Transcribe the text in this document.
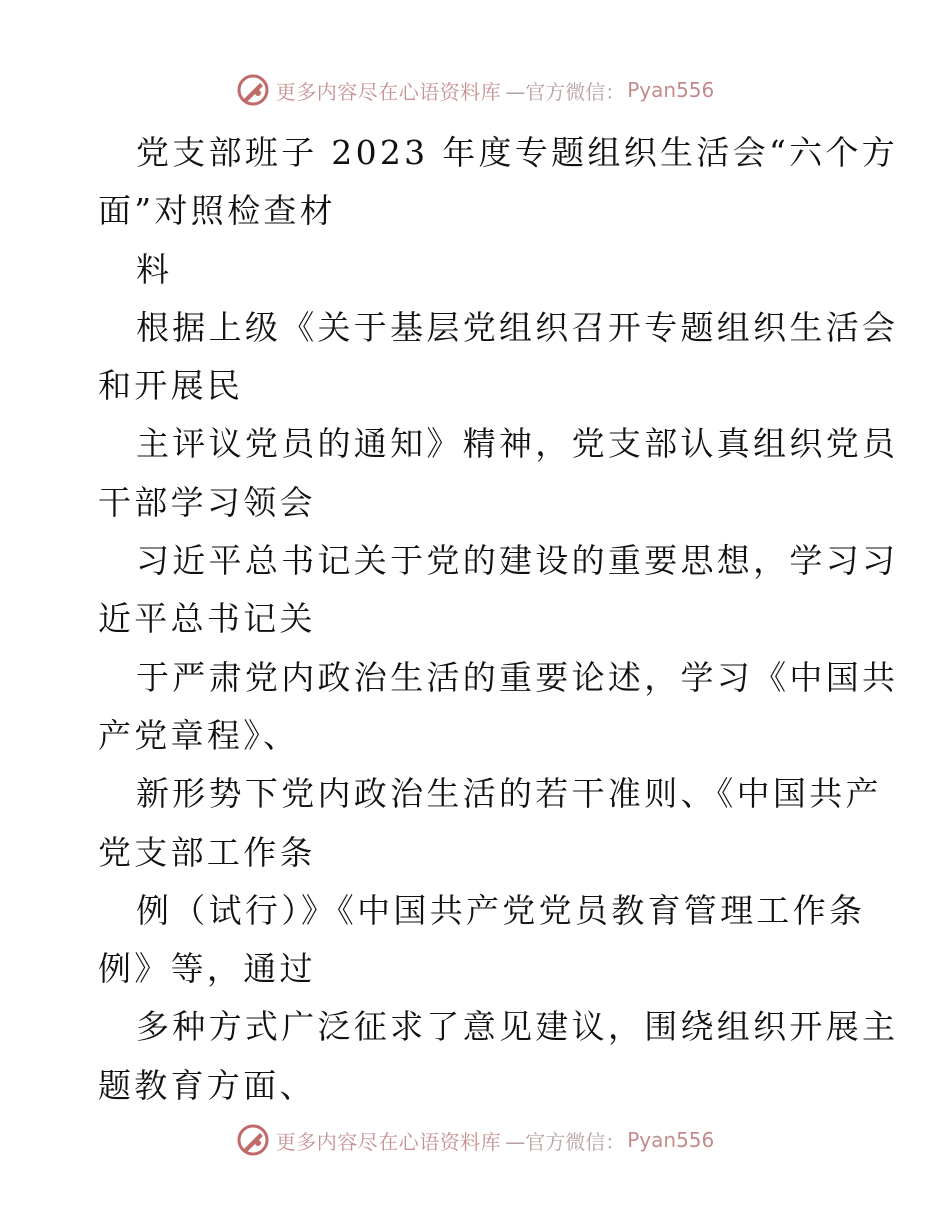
更多内容尽在心语资料库 —官方微信： Pyan556
党支部班子 2023 年度专题组织生活会“六个方
面”对照检查材
料
根据上级《关于基层党组织召开专题组织生活会
和开展民
主评议党员的通知》精神，党支部认真组织党员
干部学习领会
习近平总书记关于党的建设的重要思想，学习习
近平总书记关
于严肃党内政治生活的重要论述，学习《中国共
产党章程》、
新形势下党内政治生活的若干准则、《中国共产
党支部工作条
例（试行）》《中国共产党党员教育管理工作条
例》等，通过
多种方式广泛征求了意见建议，围绕组织开展主
题教育方面、
更多内容尽在心语资料库 —官方微信： Pyan556
